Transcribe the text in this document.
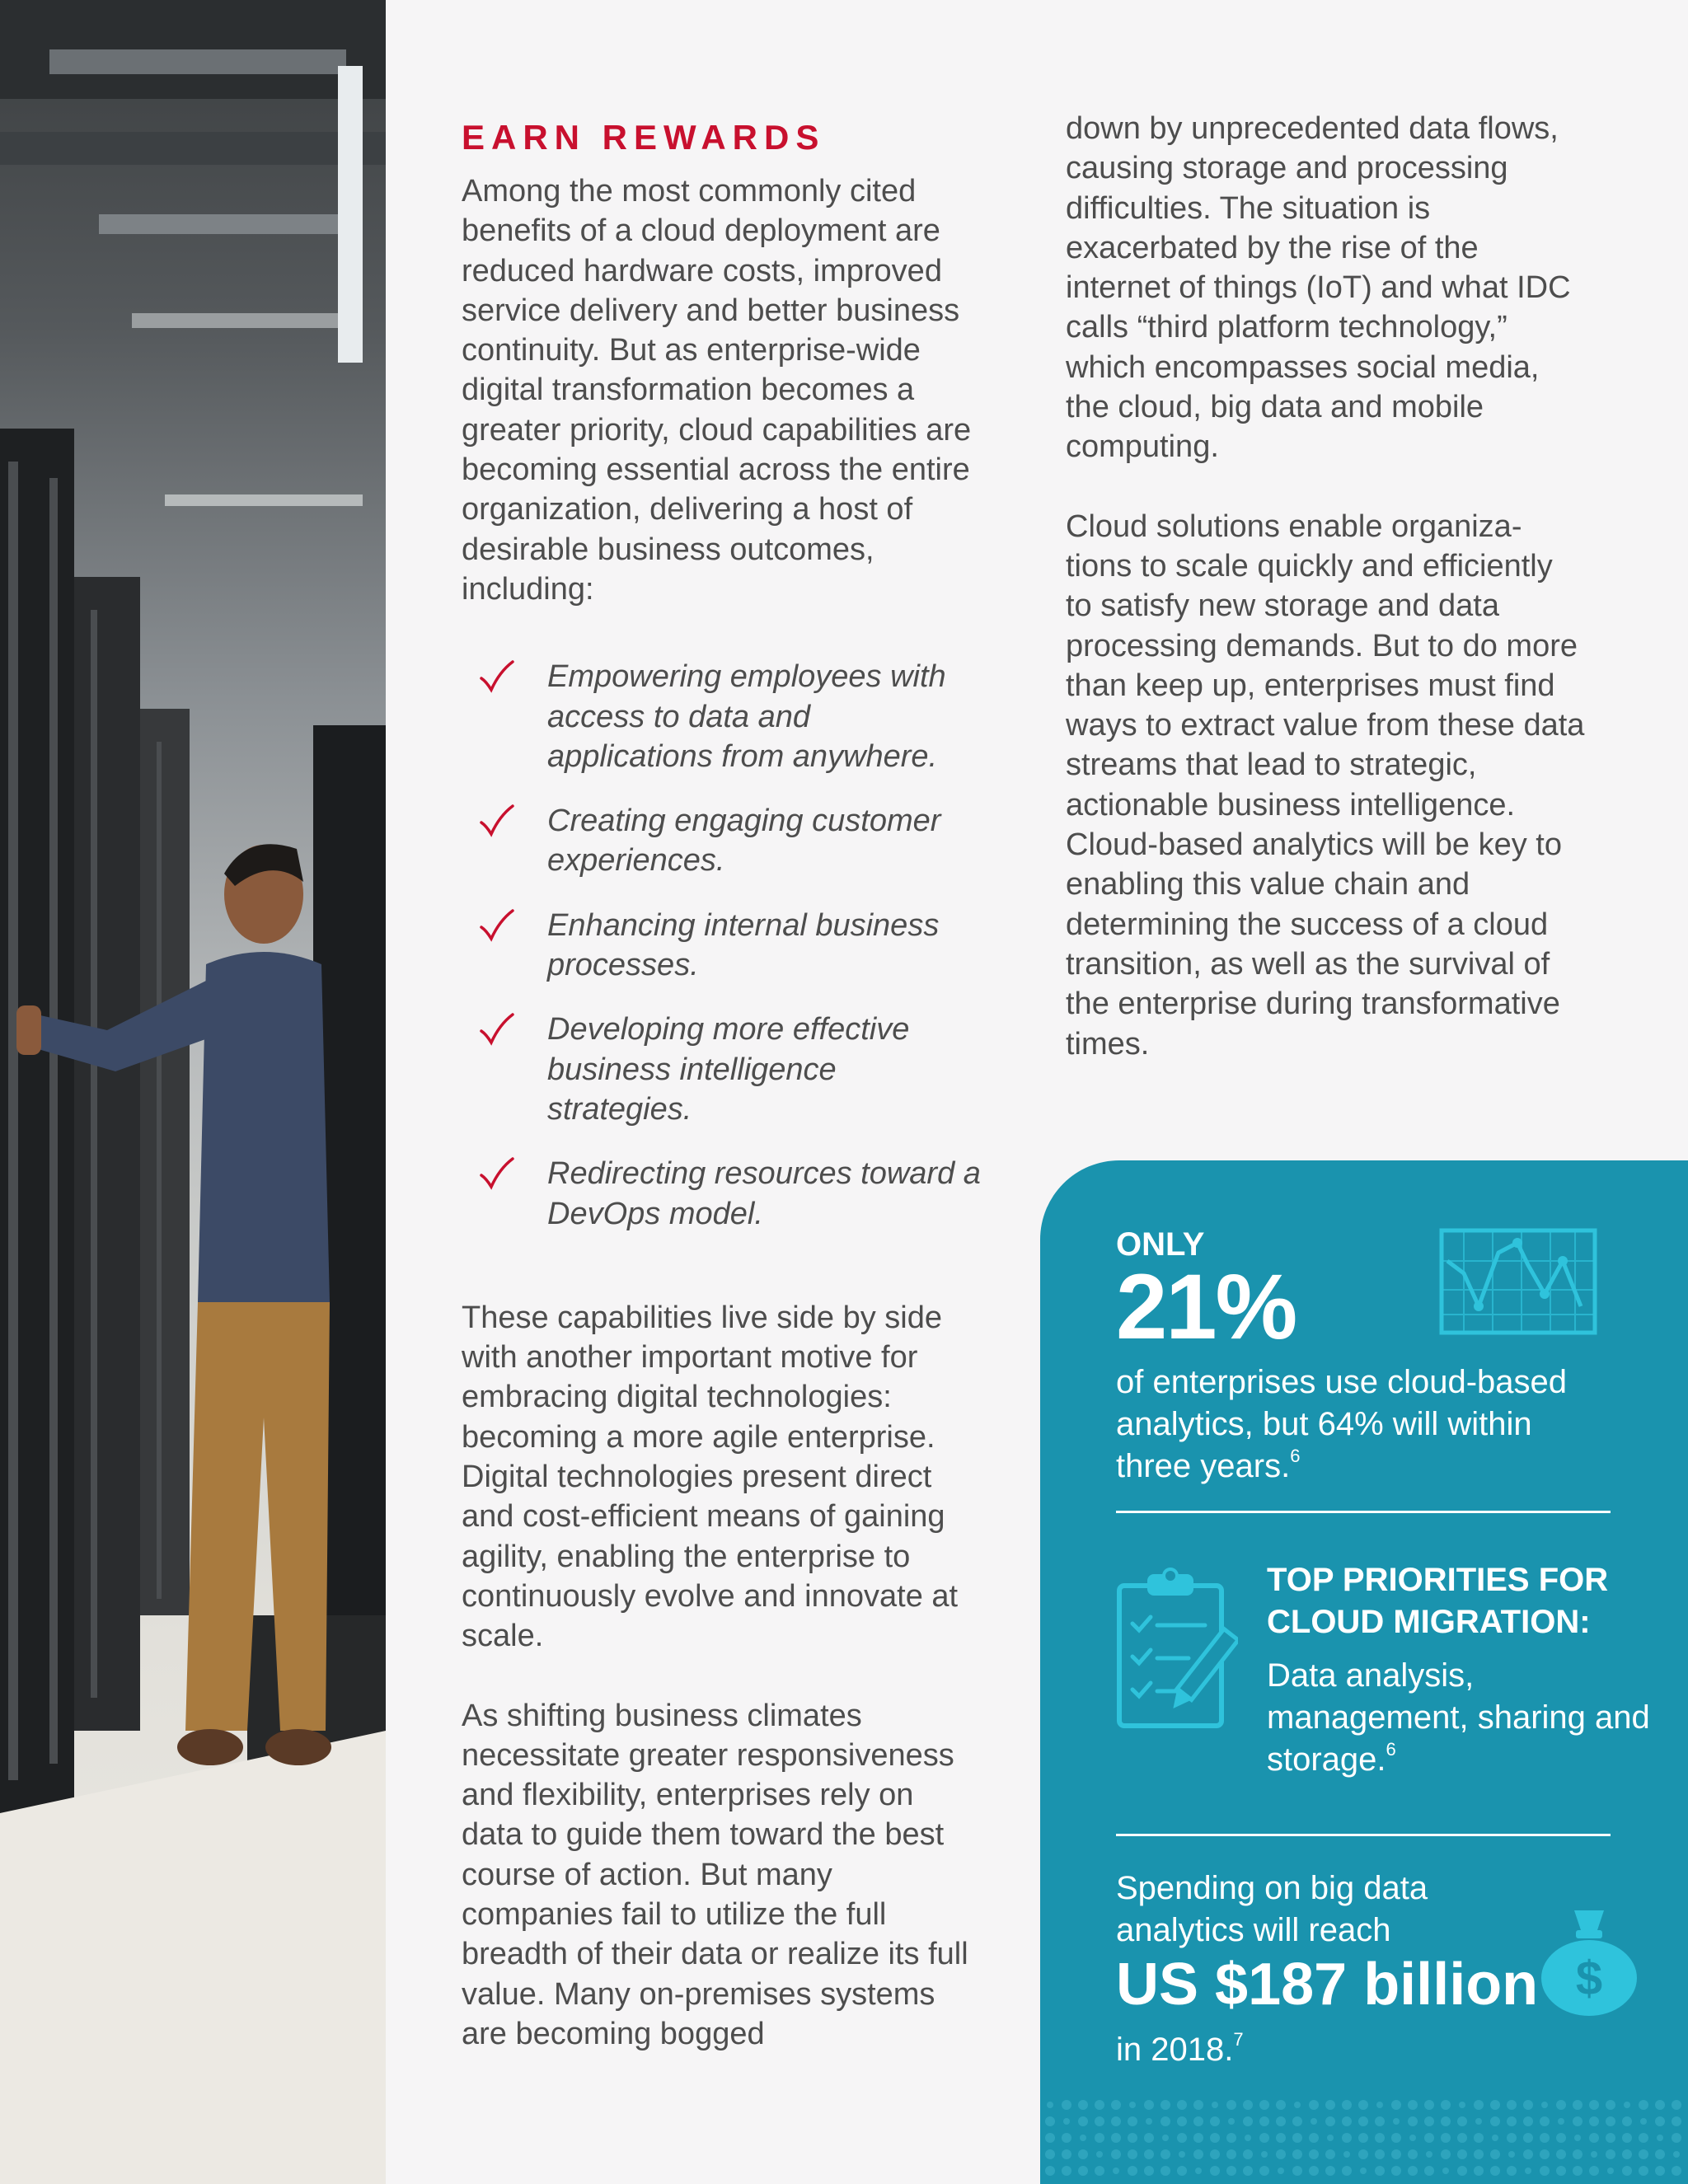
EARN REWARDS

Among the most commonly cited benefits of a cloud deployment are reduced hardware costs, improved service delivery and better business continuity. But as enterprise-wide digital transformation becomes a greater priority, cloud capabilities are becoming essential across the entire organization, delivering a host of desirable business outcomes, including:

Empowering employees with access to data and applications from anywhere.
Creating engaging customer experiences.
Enhancing internal business processes.
Developing more effective business intelligence strategies.
Redirecting resources toward a DevOps model.

These capabilities live side by side with another important motive for embracing digital technologies: becoming a more agile enterprise. Digital technologies present direct and cost-efficient means of gaining agility, enabling the enterprise to continuously evolve and innovate at scale.

As shifting business climates necessitate greater responsiveness and flexibility, enterprises rely on data to guide them toward the best course of action. But many companies fail to utilize the full breadth of their data or realize its full value. Many on-premises systems are becoming bogged

down by unprecedented data flows, causing storage and processing difficulties. The situation is exacerbated by the rise of the internet of things (IoT) and what IDC calls “third platform technology,” which encompasses social media, the cloud, big data and mobile computing.

Cloud solutions enable organiza-tions to scale quickly and efficiently to satisfy new storage and data processing demands. But to do more than keep up, enterprises must find ways to extract value from these data streams that lead to strategic, actionable business intelligence. Cloud-based analytics will be key to enabling this value chain and determining the success of a cloud transition, as well as the survival of the enterprise during transformative times.

ONLY
21%
of enterprises use cloud-based analytics, but 64% will within three years.$^6$
TOP PRIORITIES FOR CLOUD MIGRATION:
Data analysis, management, sharing and storage.$^6$
Spending on big data analytics will reach
US $187 billion
in 2018.$^7$
$
